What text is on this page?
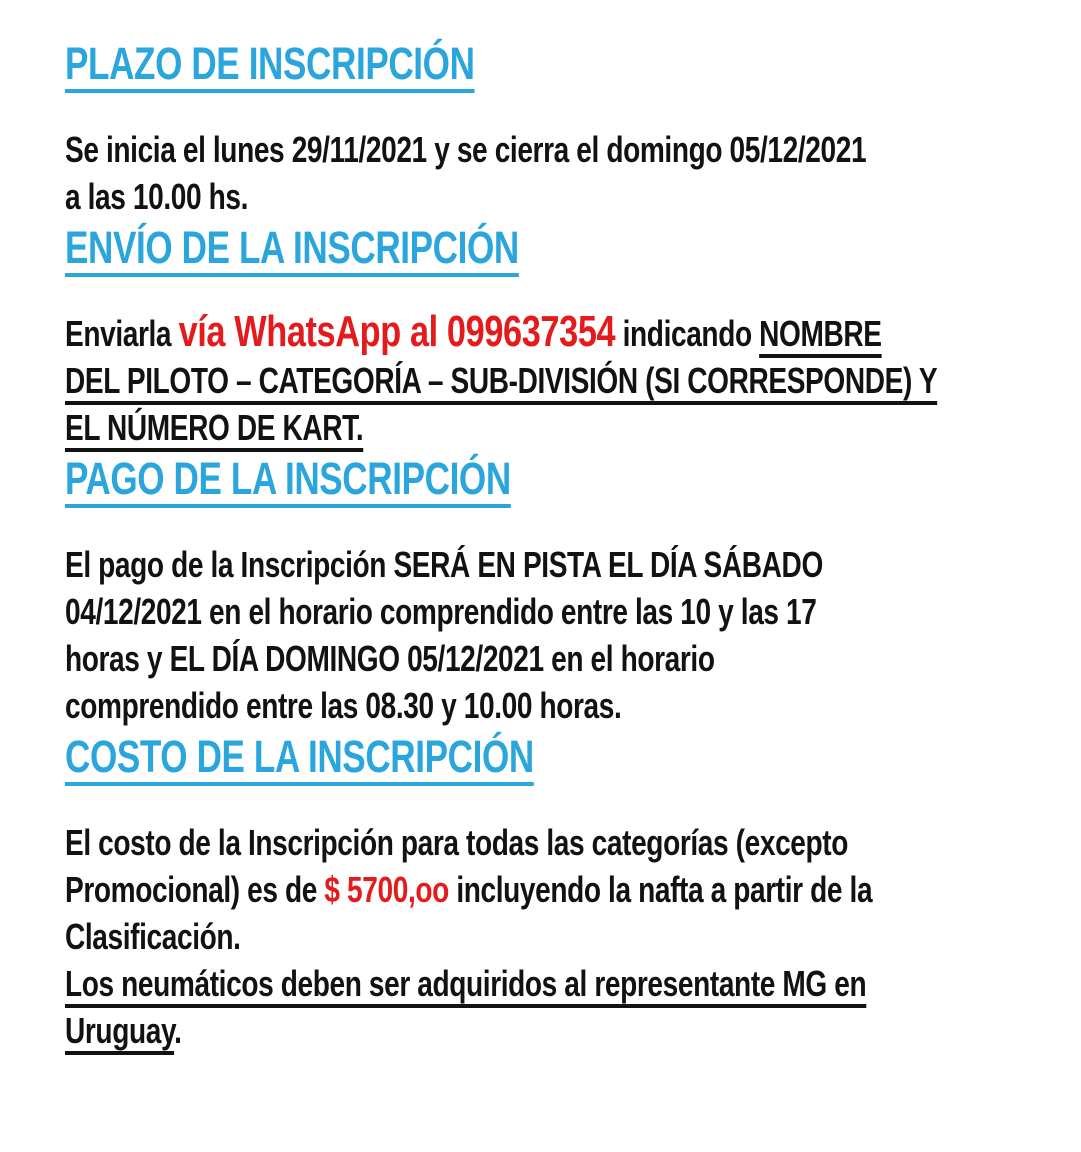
PLAZO DE INSCRIPCIÓN
Se inicia el lunes 29/11/2021 y se cierra el domingo 05/12/2021
a las 10.00 hs.
ENVÍO DE LA INSCRIPCIÓN
Enviarla vía WhatsApp al 099637354 indicando NOMBRE
DEL PILOTO – CATEGORÍA – SUB-DIVISIÓN (SI CORRESPONDE) Y
EL NÚMERO DE KART.
PAGO DE LA INSCRIPCIÓN
El pago de la Inscripción SERÁ EN PISTA EL DÍA SÁBADO
04/12/2021 en el horario comprendido entre las 10 y las 17
horas y EL DÍA DOMINGO 05/12/2021 en el horario
comprendido entre las 08.30 y 10.00 horas.
COSTO DE LA INSCRIPCIÓN
El costo de la Inscripción para todas las categorías (excepto
Promocional) es de $ 5700,oo incluyendo la nafta a partir de la
Clasificación.
Los neumáticos deben ser adquiridos al representante MG en
Uruguay.
